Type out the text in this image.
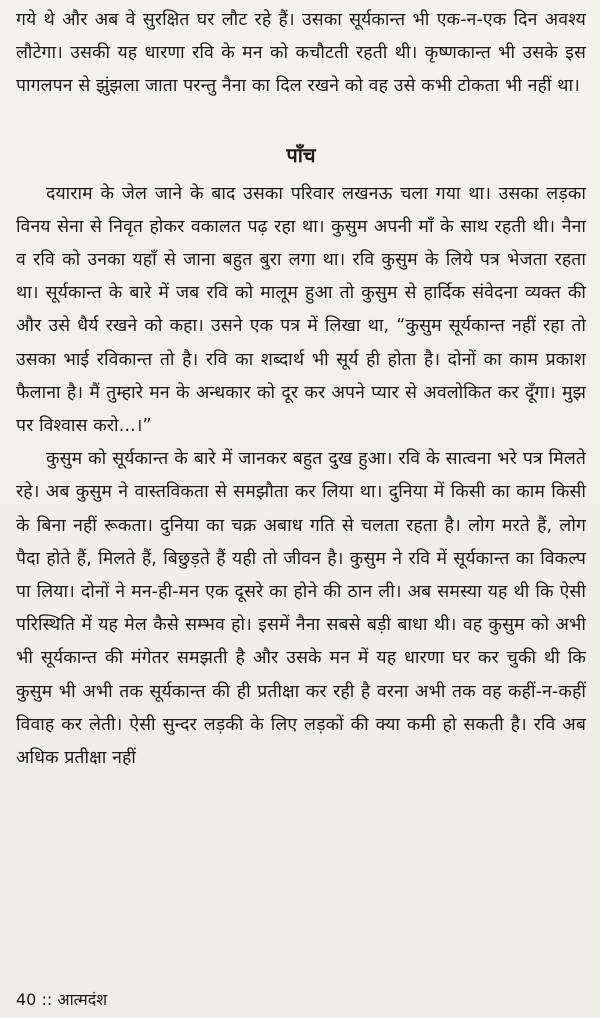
गये थे और अब वे सुरक्षित घर लौट रहे हैं। उसका सूर्यकान्त भी एक-न-एक दिन अवश्य लौटेगा। उसकी यह धारणा रवि के मन को कचौटती रहती थी। कृष्णकान्त भी उसके इस पागलपन से झुंझला जाता परन्तु नैना का दिल रखने को वह उसे कभी टोकता भी नहीं था।

पाँच

दयाराम के जेल जाने के बाद उसका परिवार लखनऊ चला गया था। उसका लड़का विनय सेना से निवृत होकर वकालत पढ़ रहा था। कुसुम अपनी माँ के साथ रहती थी। नैना व रवि को उनका यहाँ से जाना बहुत बुरा लगा था। रवि कुसुम के लिये पत्र भेजता रहता था। सूर्यकान्त के बारे में जब रवि को मालूम हुआ तो कुसुम से हार्दिक संवेदना व्यक्त की और उसे धैर्य रखने को कहा। उसने एक पत्र में लिखा था, “कुसुम सूर्यकान्त नहीं रहा तो उसका भाई रविकान्त तो है। रवि का शब्दार्थ भी सूर्य ही होता है। दोनों का काम प्रकाश फैलाना है। मैं तुम्हारे मन के अन्धकार को दूर कर अपने प्यार से अवलोकित कर दूँगा। मुझ पर विश्वास करो...।”

कुसुम को सूर्यकान्त के बारे में जानकर बहुत दुख हुआ। रवि के सात्वना भरे पत्र मिलते रहे। अब कुसुम ने वास्तविकता से समझौता कर लिया था। दुनिया में किसी का काम किसी के बिना नहीं रूकता। दुनिया का चक्र अबाध गति से चलता रहता है। लोग मरते हैं, लोग पैदा होते हैं, मिलते हैं, बिछुड़ते हैं यही तो जीवन है। कुसुम ने रवि में सूर्यकान्त का विकल्प पा लिया। दोनों ने मन-ही-मन एक दूसरे का होने की ठान ली। अब समस्या यह थी कि ऐसी परिस्थिति में यह मेल कैसे सम्भव हो। इसमें नैना सबसे बड़ी बाधा थी। वह कुसुम को अभी भी सूर्यकान्त की मंगेतर समझती है और उसके मन में यह धारणा घर कर चुकी थी कि कुसुम भी अभी तक सूर्यकान्त की ही प्रतीक्षा कर रही है वरना अभी तक वह कहीं-न-कहीं विवाह कर लेती। ऐसी सुन्दर लड़की के लिए लड़कों की क्या कमी हो सकती है। रवि अब अधिक प्रतीक्षा नहीं

40 :: आत्मदंश
